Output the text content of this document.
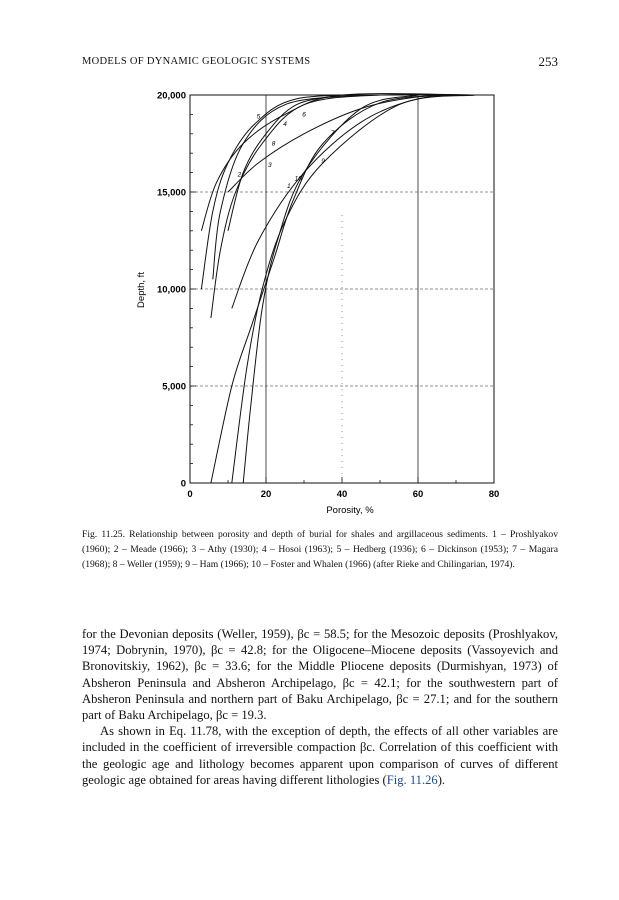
MODELS OF DYNAMIC GEOLOGIC SYSTEMS	253
0	20	40	60	80
0
5,000
10,000
15,000
20,000
1
2
3
4
5	6
7
8
9
10
Porosity, %
Depth, ft
Fig. 11.25. Relationship between porosity and depth of burial for shales and argillaceous sediments. 1 – Proshlyakov (1960); 2 – Meade (1966); 3 – Athy (1930); 4 – Hosoi (1963); 5 – Hedberg (1936); 6 – Dickinson (1953); 7 – Magara (1968); 8 – Weller (1959); 9 – Ham (1966); 10 – Foster and Whalen (1966) (after Rieke and Chilingarian, 1974).

for the Devonian deposits (Weller, 1959), βc = 58.5; for the Mesozoic deposits (Proshlyakov, 1974; Dobrynin, 1970), βc = 42.8; for the Oligocene–Miocene deposits (Vassoyevich and Bronovitskiy, 1962), βc = 33.6; for the Middle Pliocene deposits (Durmishyan, 1973) of Absheron Peninsula and Absheron Archipelago, βc = 42.1; for the southwestern part of Absheron Peninsula and northern part of Baku Archipelago, βc = 27.1; and for the southern part of Baku Archipelago, βc = 19.3.

As shown in Eq. 11.78, with the exception of depth, the effects of all other variables are included in the coefficient of irreversible compaction βc. Correlation of this coefficient with the geologic age and lithology becomes apparent upon comparison of curves of different geologic age obtained for areas having different lithologies (Fig. 11.26).
